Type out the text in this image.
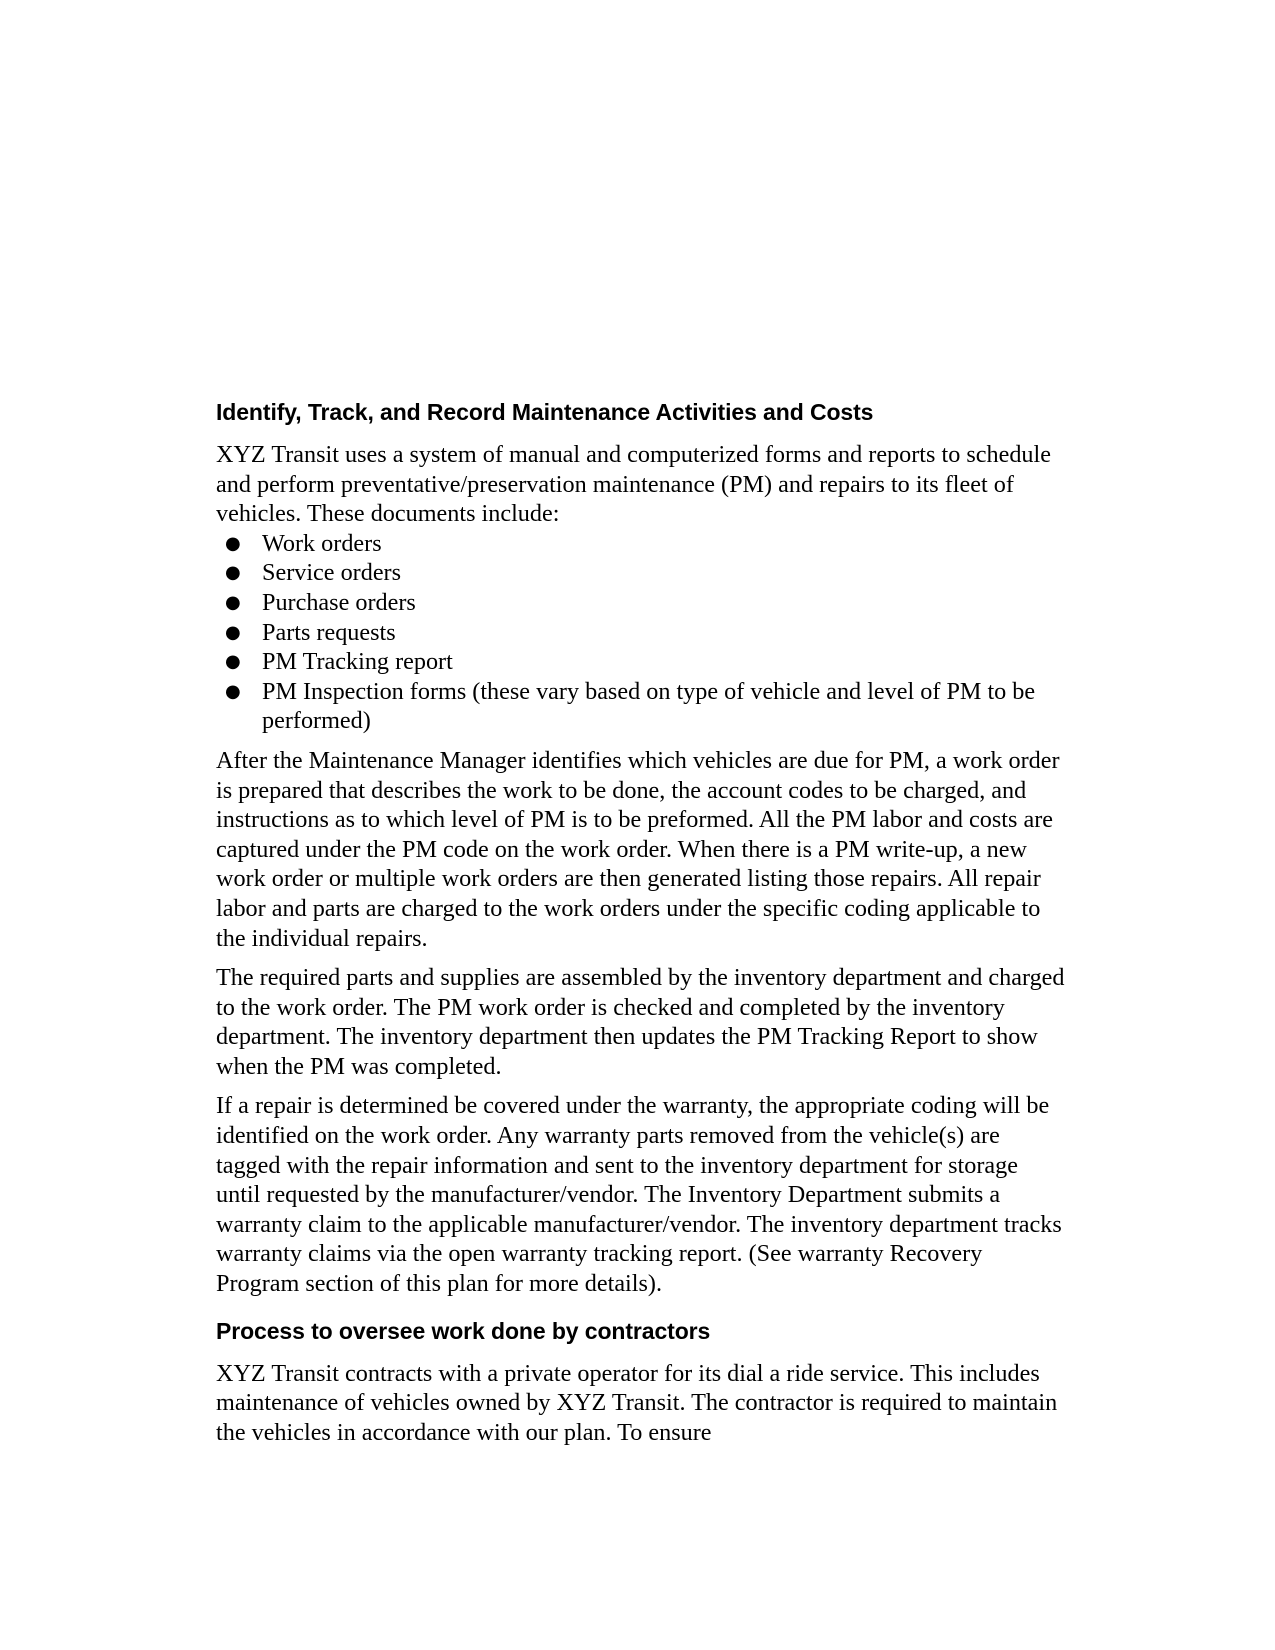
Identify, Track, and Record Maintenance Activities and Costs

XYZ Transit uses a system of manual and computerized forms and reports to schedule and perform preventative/preservation maintenance (PM) and repairs to its fleet of vehicles. These documents include:

● Work orders
● Service orders
● Purchase orders
● Parts requests
● PM Tracking report
● PM Inspection forms (these vary based on type of vehicle and level of PM to be performed)

After the Maintenance Manager identifies which vehicles are due for PM, a work order is prepared that describes the work to be done, the account codes to be charged, and instructions as to which level of PM is to be preformed. All the PM labor and costs are captured under the PM code on the work order. When there is a PM write-up, a new work order or multiple work orders are then generated listing those repairs. All repair labor and parts are charged to the work orders under the specific coding applicable to the individual repairs.

The required parts and supplies are assembled by the inventory department and charged to the work order. The PM work order is checked and completed by the inventory department. The inventory department then updates the PM Tracking Report to show when the PM was completed.

If a repair is determined be covered under the warranty, the appropriate coding will be identified on the work order. Any warranty parts removed from the vehicle(s) are tagged with the repair information and sent to the inventory department for storage until requested by the manufacturer/vendor. The Inventory Department submits a warranty claim to the applicable manufacturer/vendor. The inventory department tracks warranty claims via the open warranty tracking report. (See warranty Recovery Program section of this plan for more details).

Process to oversee work done by contractors

XYZ Transit contracts with a private operator for its dial a ride service. This includes maintenance of vehicles owned by XYZ Transit. The contractor is required to maintain the vehicles in accordance with our plan. To ensure
